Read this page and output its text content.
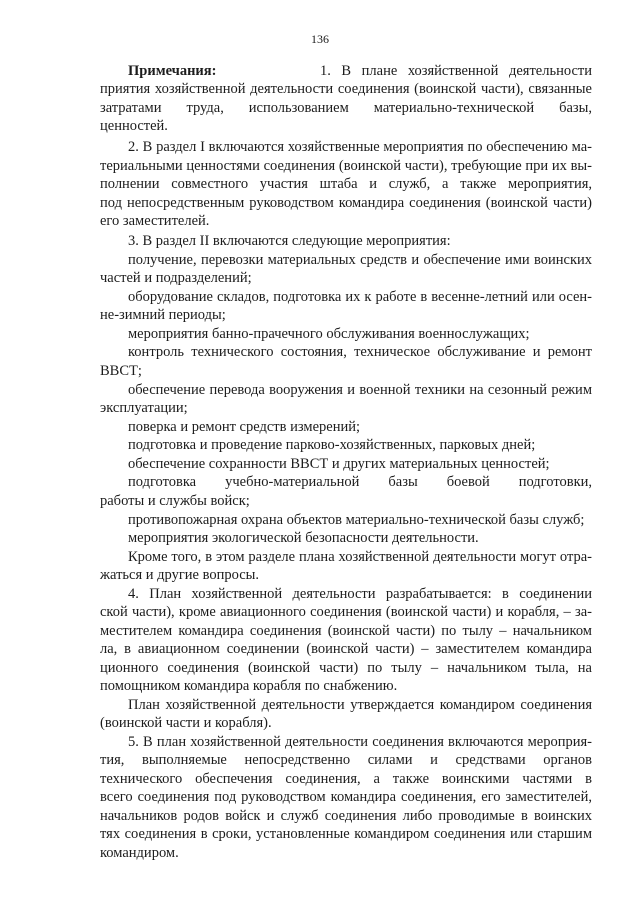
136
Примечания:	1. В плане хозяйственной деятельности
приятия хозяйственной деятельности соединения (воинской части), связанные
затратами труда, использованием материально-технической базы,
ценностей.
2. В раздел I включаются хозяйственные мероприятия по обеспечению ма-
териальными ценностями соединения (воинской части), требующие при их вы-
полнении совместного участия штаба и служб, а также мероприятия,
под непосредственным руководством командира соединения (воинской части)
его заместителей.
3. В раздел II включаются следующие мероприятия:
получение, перевозки материальных средств и обеспечение ими воинских
частей и подразделений;
оборудование складов, подготовка их к работе в весенне-летний или осен-
не-зимний периоды;
мероприятия банно-прачечного обслуживания военнослужащих;
контроль технического состояния, техническое обслуживание и ремонт
ВВСТ;
обеспечение перевода вооружения и военной техники на сезонный режим
эксплуатации;
поверка и ремонт средств измерений;
подготовка и проведение парково-хозяйственных, парковых дней;
обеспечение сохранности ВВСТ и других материальных ценностей;
подготовка учебно-материальной базы боевой подготовки,
работы и службы войск;
противопожарная охрана объектов материально-технической базы служб;
мероприятия экологической безопасности деятельности.
Кроме того, в этом разделе плана хозяйственной деятельности могут отра-
жаться и другие вопросы.
4. План хозяйственной деятельности разрабатывается: в соединении
ской части), кроме авиационного соединения (воинской части) и корабля, – за-
местителем командира соединения (воинской части) по тылу – начальником
ла, в авиационном соединении (воинской части) – заместителем командира
ционного соединения (воинской части) по тылу – начальником тыла, на
помощником командира корабля по снабжению.
План хозяйственной деятельности утверждается командиром соединения
(воинской части и корабля).
5. В план хозяйственной деятельности соединения включаются мероприя-
тия, выполняемые непосредственно силами и средствами органов
технического обеспечения соединения, а также воинскими частями в
всего соединения под руководством командира соединения, его заместителей,
начальников родов войск и служб соединения либо проводимые в воинских
тях соединения в сроки, установленные командиром соединения или старшим
командиром.
